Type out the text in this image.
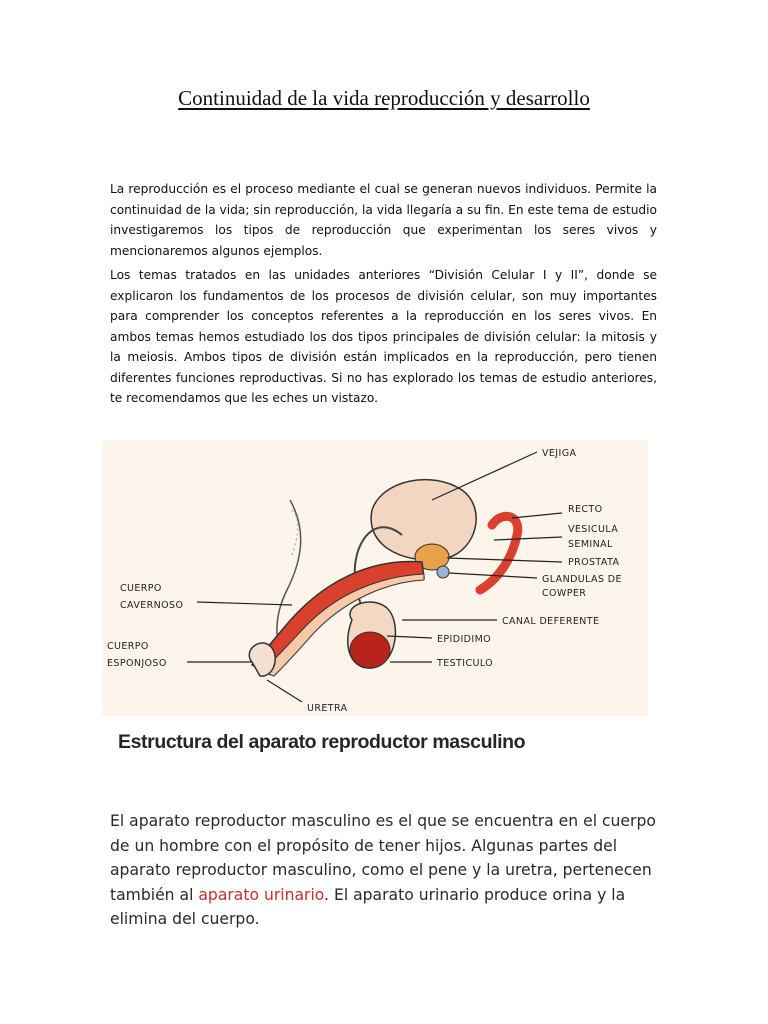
Continuidad de la vida reproducción y desarrollo
La reproducción es el proceso mediante el cual se generan nuevos individuos. Permite la continuidad de la vida; sin reproducción, la vida llegaría a su fin. En este tema de estudio investigaremos los tipos de reproducción que experimentan los seres vivos y mencionaremos algunos ejemplos.
Los temas tratados en las unidades anteriores “División Celular I y II”, donde se explicaron los fundamentos de los procesos de división celular, son muy importantes para comprender los conceptos referentes a la reproducción en los seres vivos. En ambos temas hemos estudiado los dos tipos principales de división celular: la mitosis y la meiosis. Ambos tipos de división están implicados en la reproducción, pero tienen diferentes funciones reproductivas. Si no has explorado los temas de estudio anteriores, te recomendamos que les eches un vistazo.
VEJIGA
RECTO
VESICULA
SEMINAL
PROSTATA
GLANDULAS DE
COWPER
CANAL DEFERENTE
EPIDIDIMO
TESTICULO
URETRA
CUERPO
CAVERNOSO
CUERPO
ESPONJOSO
Estructura del aparato reproductor masculino
El aparato reproductor masculino es el que se encuentra en el cuerpo de un hombre con el propósito de tener hijos. Algunas partes del aparato reproductor masculino, como el pene y la uretra, pertenecen también al aparato urinario. El aparato urinario produce orina y la elimina del cuerpo.
